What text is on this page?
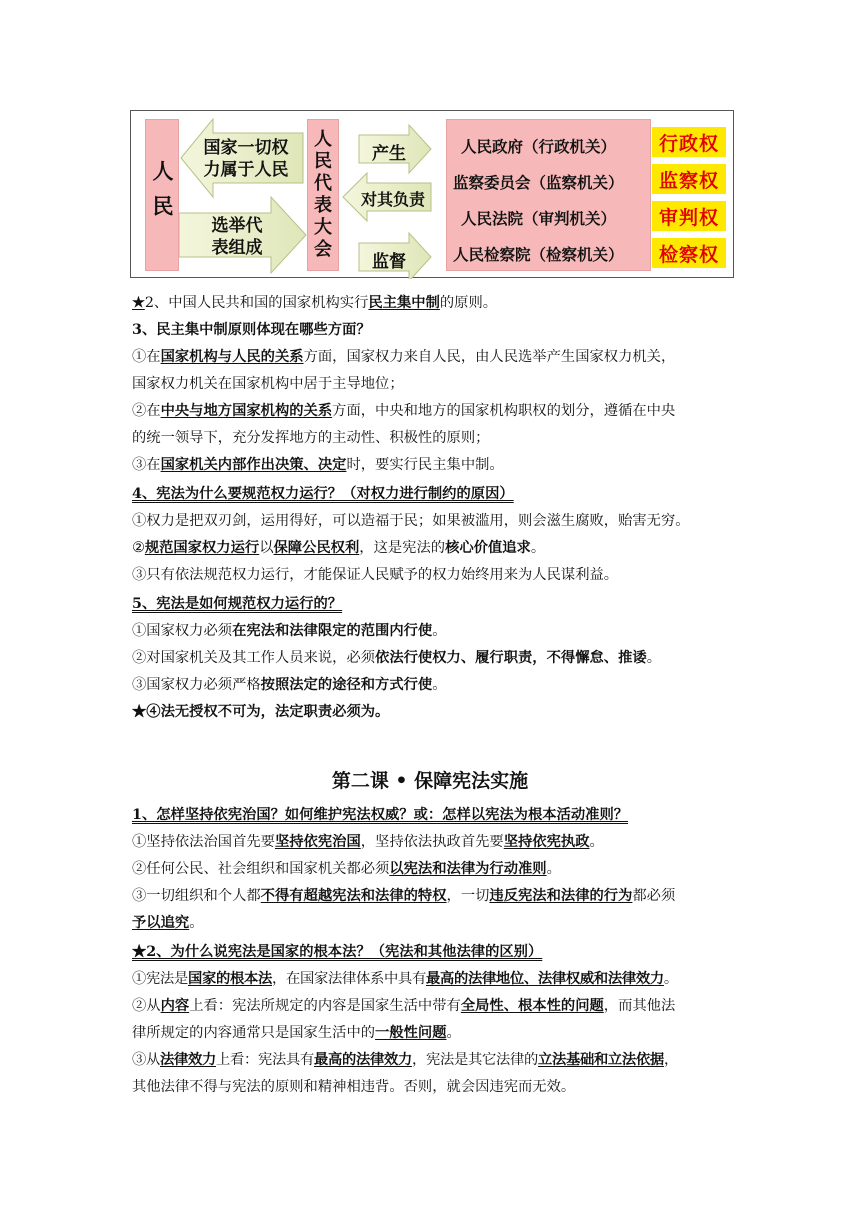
人民
国家一切权
力属于人民
选举代
表组成
人
民
代
表
大
会
产生
对其负责
监督
人民政府（行政机关）
监察委员会（监察机关）
人民法院（审判机关）
人民检察院（检察机关）
行政权
监察权
审判权
检察权
★2、中国人民共和国的国家机构实行民主集中制的原则。
3、民主集中制原则体现在哪些方面？
①在国家机构与人民的关系方面，国家权力来自人民，由人民选举产生国家权力机关，
国家权力机关在国家机构中居于主导地位；
②在中央与地方国家机构的关系方面，中央和地方的国家机构职权的划分，遵循在中央
的统一领导下，充分发挥地方的主动性、积极性的原则；
③在国家机关内部作出决策、决定时，要实行民主集中制。
4、宪法为什么要规范权力运行？（对权力进行制约的原因）
①权力是把双刃剑，运用得好，可以造福于民；如果被滥用，则会滋生腐败，贻害无穷。
②规范国家权力运行以保障公民权利，这是宪法的核心价值追求。
③只有依法规范权力运行，才能保证人民赋予的权力始终用来为人民谋利益。
5、宪法是如何规范权力运行的？
①国家权力必须在宪法和法律限定的范围内行使。
②对国家机关及其工作人员来说，必须依法行使权力、履行职责，不得懈怠、推诿。
③国家权力必须严格按照法定的途径和方式行使。
★④法无授权不可为，法定职责必须为。
第二课 • 保障宪法实施
1、怎样坚持依宪治国？如何维护宪法权威？或：怎样以宪法为根本活动准则？
①坚持依法治国首先要坚持依宪治国，坚持依法执政首先要坚持依宪执政。
②任何公民、社会组织和国家机关都必须以宪法和法律为行动准则。
③一切组织和个人都不得有超越宪法和法律的特权，一切违反宪法和法律的行为都必须
予以追究。
★2、为什么说宪法是国家的根本法？（宪法和其他法律的区别）
①宪法是国家的根本法，在国家法律体系中具有最高的法律地位、法律权威和法律效力。
②从内容上看：宪法所规定的内容是国家生活中带有全局性、根本性的问题，而其他法
律所规定的内容通常只是国家生活中的一般性问题。
③从法律效力上看：宪法具有最高的法律效力，宪法是其它法律的立法基础和立法依据，
其他法律不得与宪法的原则和精神相违背。否则，就会因违宪而无效。
